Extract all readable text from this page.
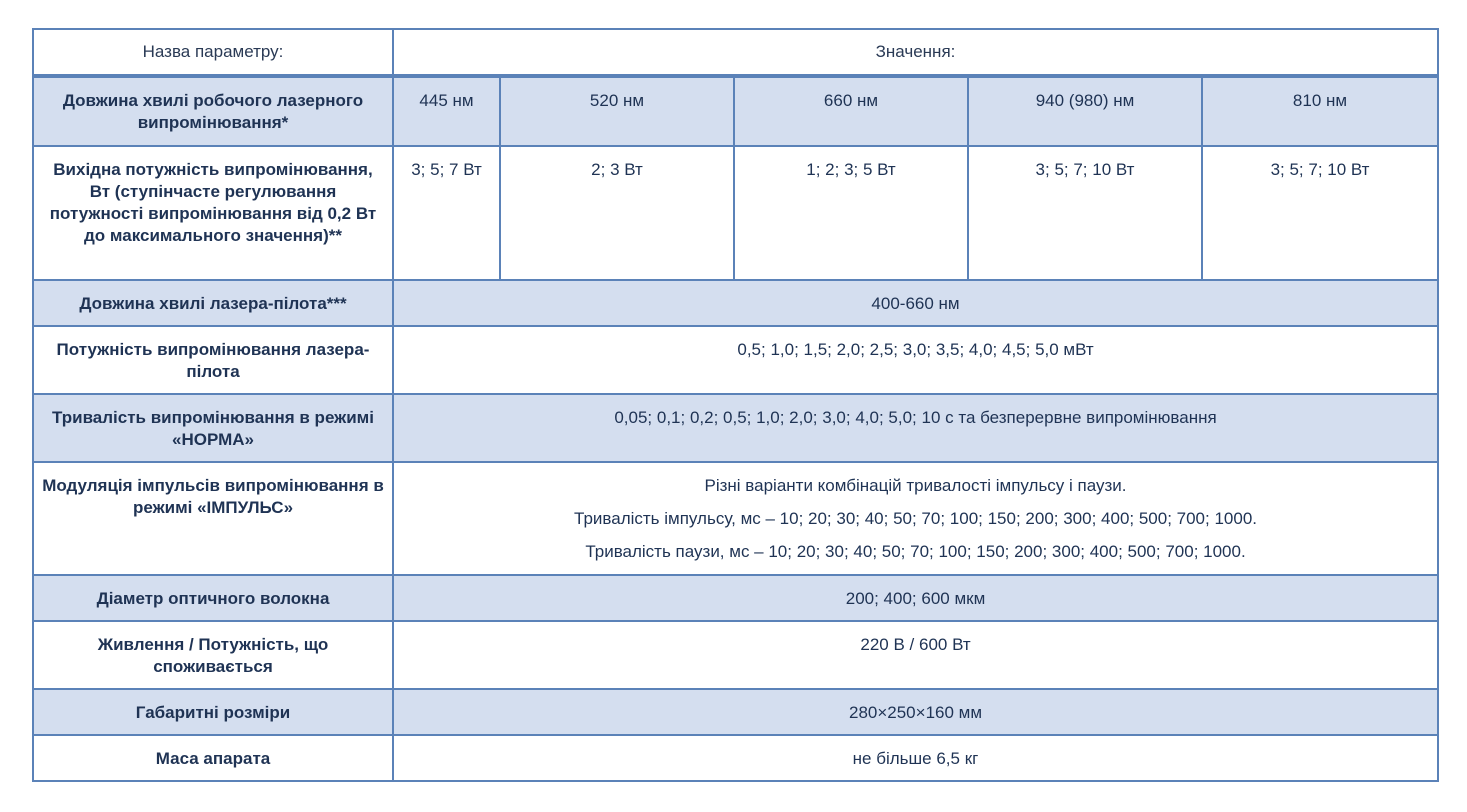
Назва параметру:	Значення:				
Довжина хвилі робочого лазерного випромінювання*	445 нм	520 нм	660 нм	940 (980) нм	810 нм
Вихідна потужність випромінювання, Вт (ступінчасте регулювання потужності випромінювання від 0,2 Вт до максимального значення)**	3; 5; 7 Вт	2; 3 Вт	1; 2; 3; 5 Вт	3; 5; 7; 10 Вт	3; 5; 7; 10 Вт
Довжина хвилі лазера-пілота***	400-660 нм				
Потужність випромінювання лазера-пілота	0,5; 1,0; 1,5; 2,0; 2,5; 3,0; 3,5; 4,0; 4,5; 5,0 мВт				
Тривалість випромінювання в режимі «НОРМА»	0,05; 0,1; 0,2; 0,5; 1,0; 2,0; 3,0; 4,0; 5,0; 10 с та безперервне випромінювання				
Модуляція імпульсів випромінювання в режимі «ІМПУЛЬС»	Різні варіанти комбінацій тривалості імпульсу і паузи.
Тривалість імпульсу, мс – 10; 20; 30; 40; 50; 70; 100; 150; 200; 300; 400; 500; 700; 1000.
Тривалість паузи, мс – 10; 20; 30; 40; 50; 70; 100; 150; 200; 300; 400; 500; 700; 1000.				

Діаметр оптичного волокна	200; 400; 600 мкм				
Живлення / Потужність, що споживається	220 В / 600 Вт				
Габаритні розміри	280×250×160 мм				
Маса апарата	не більше 6,5 кг				
